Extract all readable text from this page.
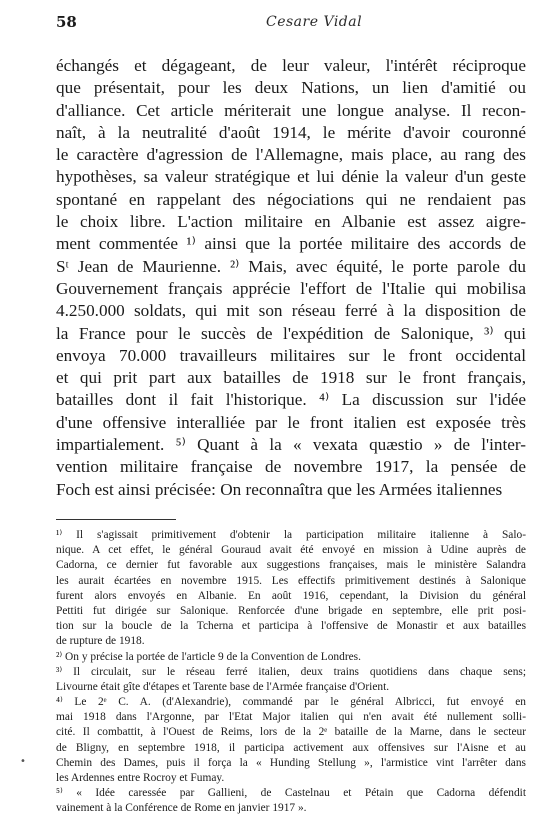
58	Cesare Vidal
échangés et dégageant, de leur valeur, l'intérêt réciproque
que présentait, pour les deux Nations, un lien d'amitié ou
d'alliance. Cet article mériterait une longue analyse. Il recon-
naît, à la neutralité d'août 1914, le mérite d'avoir couronné
le caractère d'agression de l'Allemagne, mais place, au rang des
hypothèses, sa valeur stratégique et lui dénie la valeur d'un geste
spontané en rappelant des négociations qui ne rendaient pas
le choix libre. L'action militaire en Albanie est assez aigre-
ment commentée ¹⁾ ainsi que la portée militaire des accords de
Sᵗ Jean de Maurienne. ²⁾ Mais, avec équité, le porte parole du
Gouvernement français apprécie l'effort de l'Italie qui mobilisa
4.250.000 soldats, qui mit son réseau ferré à la disposition de
la France pour le succès de l'expédition de Salonique, ³⁾ qui
envoya 70.000 travailleurs militaires sur le front occidental
et qui prit part aux batailles de 1918 sur le front français,
batailles dont il fait l'historique. ⁴⁾ La discussion sur l'idée
d'une offensive interalliée par le front italien est exposée très
impartialement. ⁵⁾ Quant à la « vexata quæstio » de l'inter-
vention militaire française de novembre 1917, la pensée de
Foch est ainsi précisée: On reconnaîtra que les Armées italiennes
¹⁾ Il s'agissait primitivement d'obtenir la participation militaire italienne à Salo-
nique. A cet effet, le général Gouraud avait été envoyé en mission à Udine auprès de
Cadorna, ce dernier fut favorable aux suggestions françaises, mais le ministère Salandra
les aurait écartées en novembre 1915. Les effectifs primitivement destinés à Salonique
furent alors envoyés en Albanie. En août 1916, cependant, la Division du général
Pettiti fut dirigée sur Salonique. Renforcée d'une brigade en septembre, elle prit posi-
tion sur la boucle de la Tcherna et participa à l'offensive de Monastir et aux batailles
de rupture de 1918.
²⁾ On y précise la portée de l'article 9 de la Convention de Londres.
³⁾ Il circulait, sur le réseau ferré italien, deux trains quotidiens dans chaque sens;
Livourne était gîte d'étapes et Tarente base de l'Armée française d'Orient.
⁴⁾ Le 2ᵉ C. A. (d'Alexandrie), commandé par le général Albricci, fut envoyé en
mai 1918 dans l'Argonne, par l'Etat Major italien qui n'en avait été nullement solli-
cité. Il combattit, à l'Ouest de Reims, lors de la 2ᵉ bataille de la Marne, dans le secteur
de Bligny, en septembre 1918, il participa activement aux offensives sur l'Aisne et au
Chemin des Dames, puis il força la « Hunding Stellung », l'armistice vint l'arrêter dans
les Ardennes entre Rocroy et Fumay.
⁵⁾ « Idée caressée par Gallieni, de Castelnau et Pétain que Cadorna défendit
vainement à la Conférence de Rome en janvier 1917 ».
•
